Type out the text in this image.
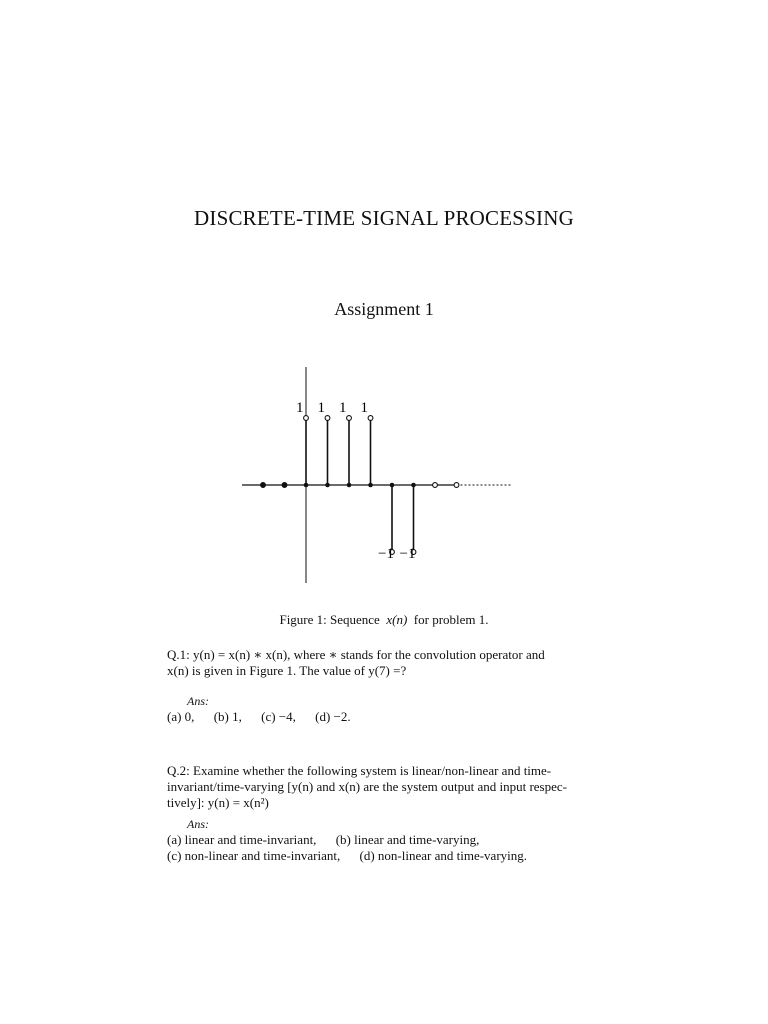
DISCRETE-TIME SIGNAL PROCESSING
Assignment 1
1 1 1 1
−1 −1
Figure 1: Sequence x(n) for problem 1.
Q.1: y(n) = x(n) ∗ x(n), where ∗ stands for the convolution operator and
x(n) is given in Figure 1. The value of y(7) =?
Ans:
(a) 0, (b) 1, (c) −4, (d) −2.
Q.2: Examine whether the following system is linear/non-linear and time-
invariant/time-varying [y(n) and x(n) are the system output and input respec-
tively]: y(n) = x(n²)
Ans:
(a) linear and time-invariant, (b) linear and time-varying,
(c) non-linear and time-invariant, (d) non-linear and time-varying.
